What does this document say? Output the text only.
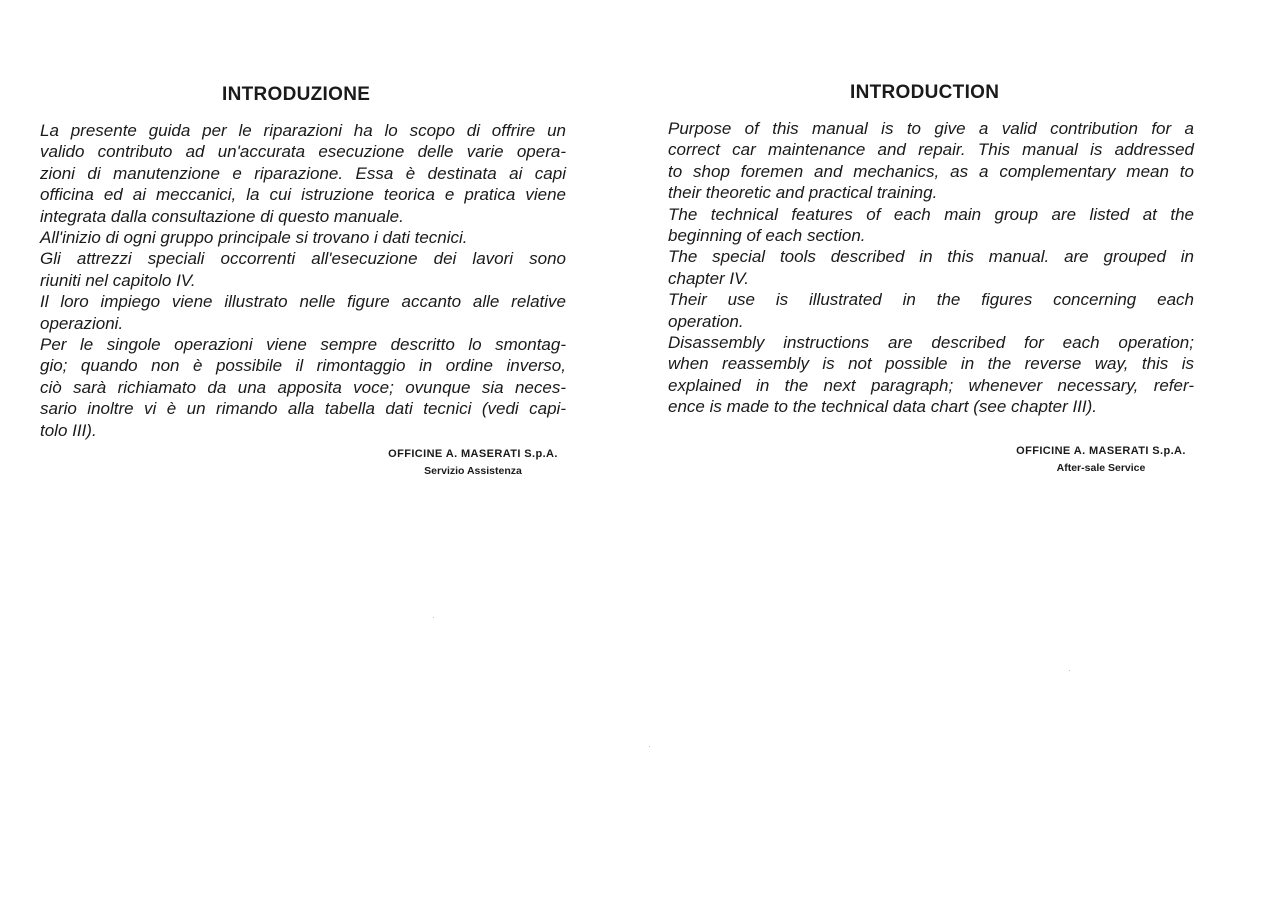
INTRODUZIONE
La presente guida per le riparazioni ha lo scopo di offrire un
valido contributo ad un'accurata esecuzione delle varie opera-
zioni di manutenzione e riparazione. Essa è destinata ai capi
officina ed ai meccanici, la cui istruzione teorica e pratica viene
integrata dalla consultazione di questo manuale.
All'inizio di ogni gruppo principale si trovano i dati tecnici.
Gli attrezzi speciali occorrenti all'esecuzione dei lavori sono
riuniti nel capitolo IV.
Il loro impiego viene illustrato nelle figure accanto alle relative
operazioni.
Per le singole operazioni viene sempre descritto lo smontag-
gio; quando non è possibile il rimontaggio in ordine inverso,
ciò sarà richiamato da una apposita voce; ovunque sia neces-
sario inoltre vi è un rimando alla tabella dati tecnici (vedi capi-
tolo III).
OFFICINE A. MASERATI S.p.A.
Servizio Assistenza
INTRODUCTION
Purpose of this manual is to give a valid contribution for a
correct car maintenance and repair. This manual is addressed
to shop foremen and mechanics, as a complementary mean to
their theoretic and practical training.
The technical features of each main group are listed at the
beginning of each section.
The special tools described in this manual. are grouped in
chapter IV.
Their use is illustrated in the figures concerning each
operation.
Disassembly instructions are described for each operation;
when reassembly is not possible in the reverse way, this is
explained in the next paragraph; whenever necessary, refer-
ence is made to the technical data chart (see chapter III).
OFFICINE A. MASERATI S.p.A.
After-sale Service
